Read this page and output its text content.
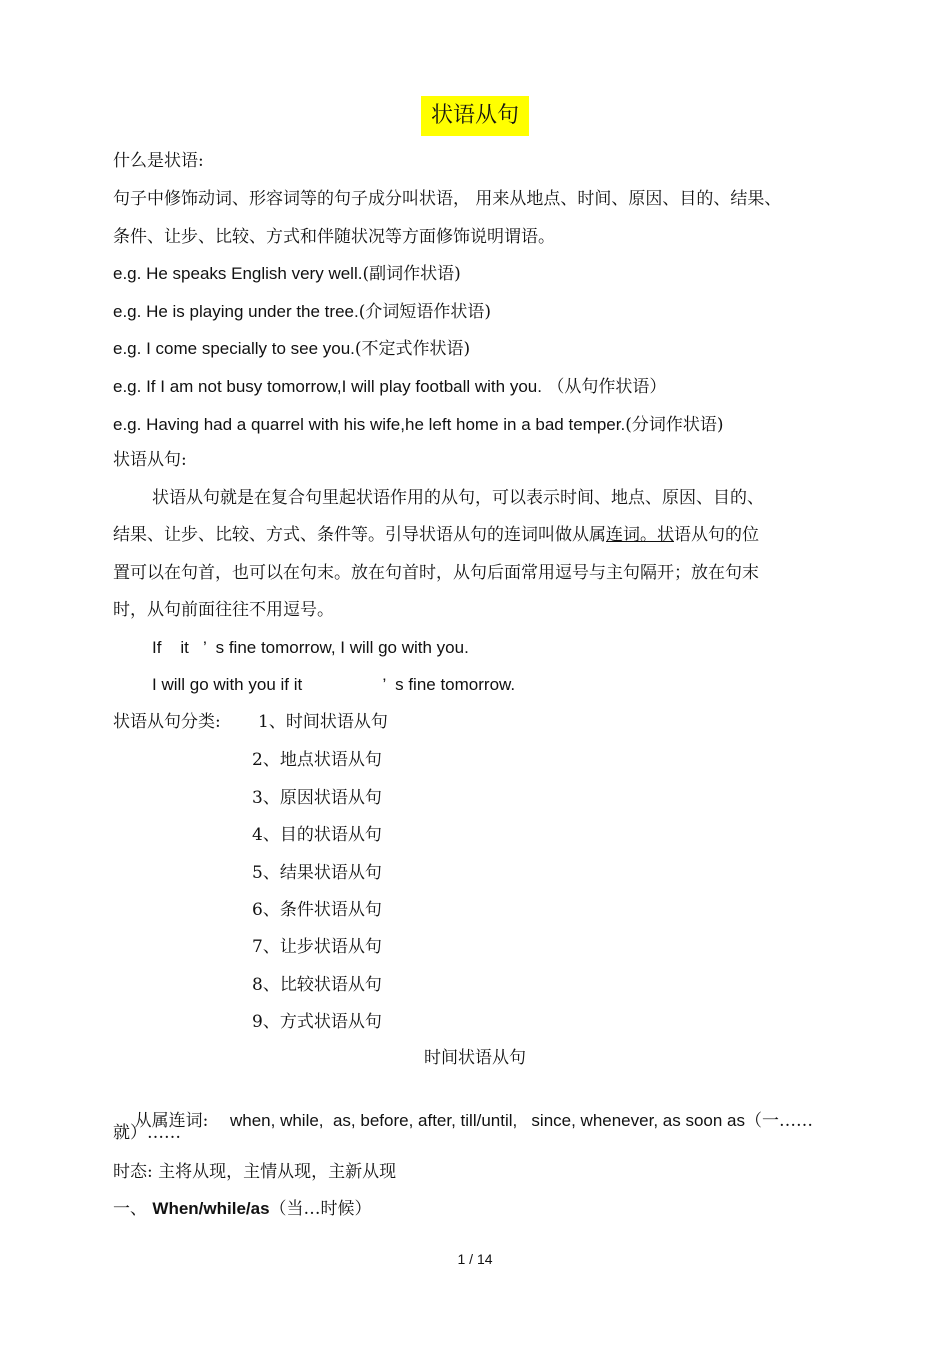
状语从句
什么是状语:
句子中修饰动词、形容词等的句子成分叫状语， 用来从地点、时间、原因、目的、结果、
条件、让步、比较、方式和伴随状况等方面修饰说明谓语。
e.g. He speaks English very well.(副词作状语)
e.g. He is playing under the tree.(介词短语作状语)
e.g. I come specially to see you.(不定式作状语)
e.g. If I am not busy tomorrow,I will play football with you. （从句作状语）
e.g. Having had a quarrel with his wife,he left home in a bad temper.(分词作状语)
状语从句:
状语从句就是在复合句里起状语作用的从句，可以表示时间、地点、原因、目的、
结果、让步、比较、方式、条件等。引导状语从句的连词叫做从属连词。状语从句的位
置可以在句首，也可以在句末。放在句首时，从句后面常用逗号与主句隔开；放在句末
时，从句前面往往不用逗号。
If    it   ’  s fine tomorrow, I will go with you.
I will go with you if it                 ’  s fine tomorrow.
状语从句分类: 1、时间状语从句
2、地点状语从句
3、原因状语从句
4、目的状语从句
5、结果状语从句
6、条件状语从句
7、让步状语从句
8、比较状语从句
9、方式状语从句
时间状语从句

从属连词: when, while,  as, before, after, till/until,   since, whenever, as soon as（一……

就）……
时态: 主将从现，主情从现，主新从现
一、 When/while/as（当…时候）
1 / 14
